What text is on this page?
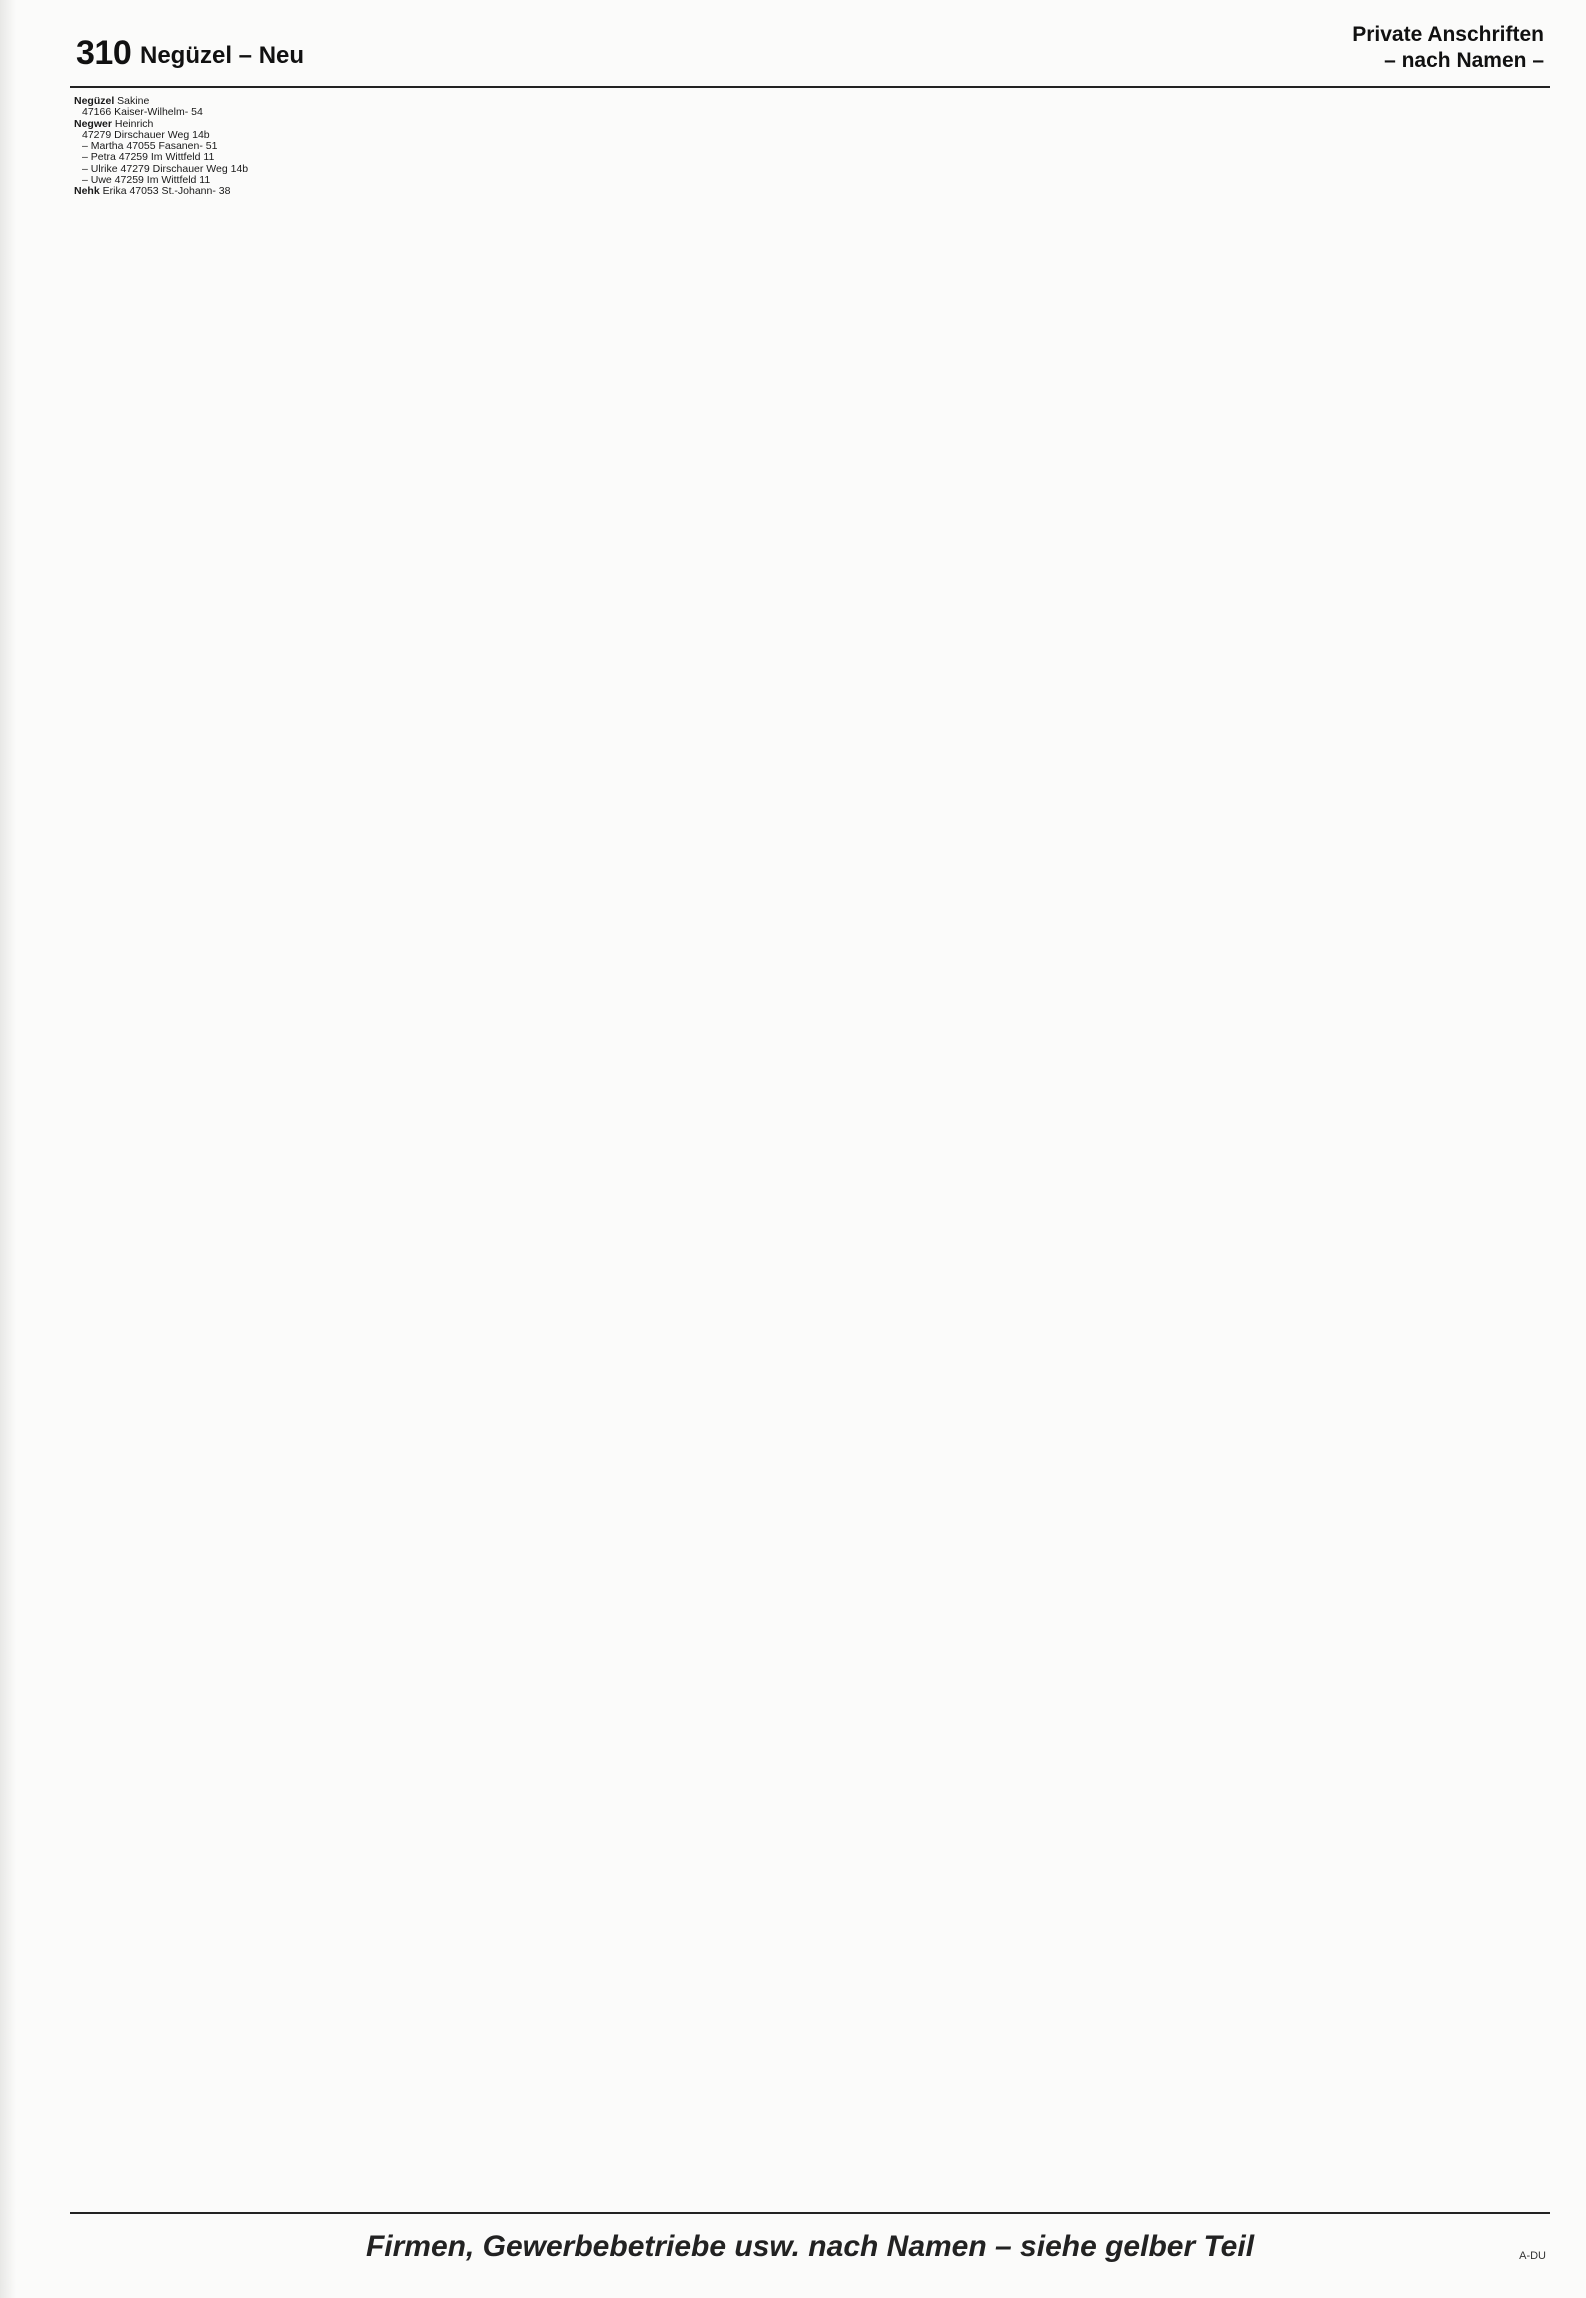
310 Negüzel – Neu
Private Anschriften
– nach Namen –
Negüzel Sakine
47166 Kaiser-Wilhelm- 54
Negwer Heinrich
47279 Dirschauer Weg 14b
– Martha 47055 Fasanen- 51
– Petra 47259 Im Wittfeld 11
– Ulrike 47279 Dirschauer Weg 14b
– Uwe 47259 Im Wittfeld 11
Nehk Erika 47053 St.-Johann- 38
Firmen, Gewerbebetriebe usw. nach Namen – siehe gelber Teil	A-DU
